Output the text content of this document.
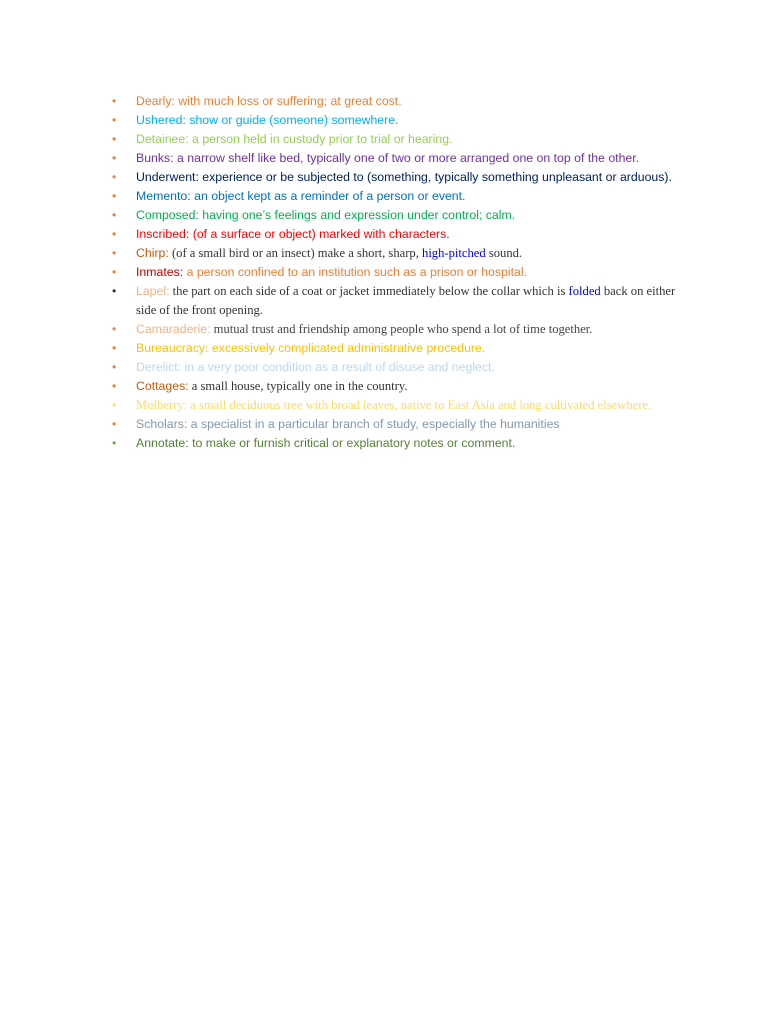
•	Dearly: with much loss or suffering; at great cost.
•	Ushered: show or guide (someone) somewhere.
•	Detainee: a person held in custody prior to trial or hearing.
•	Bunks: a narrow shelf like bed, typically one of two or more arranged one on top of the other.
•	Underwent: experience or be subjected to (something, typically something unpleasant or arduous).
•	Memento: an object kept as a reminder of a person or event.
•	Composed: having one’s feelings and expression under control; calm.
•	Inscribed: (of a surface or object) marked with characters.
•	Chirp: (of a small bird or an insect) make a short, sharp, high-pitched sound.
•	Inmates: a person confined to an institution such as a prison or hospital.
•	Lapel: the part on each side of a coat or jacket immediately below the collar which is folded back on either side of the front opening.
•	Camaraderie: mutual trust and friendship among people who spend a lot of time together.
•	Bureaucracy: excessively complicated administrative procedure.
•	Derelict: in a very poor condition as a result of disuse and neglect.
•	Cottages: a small house, typically one in the country.
•	Mulberry: a small deciduous tree with broad leaves, native to East Asia and long cultivated elsewhere.
•	Scholars: a specialist in a particular branch of study, especially the humanities
•	Annotate: to make or furnish critical or explanatory notes or comment.
